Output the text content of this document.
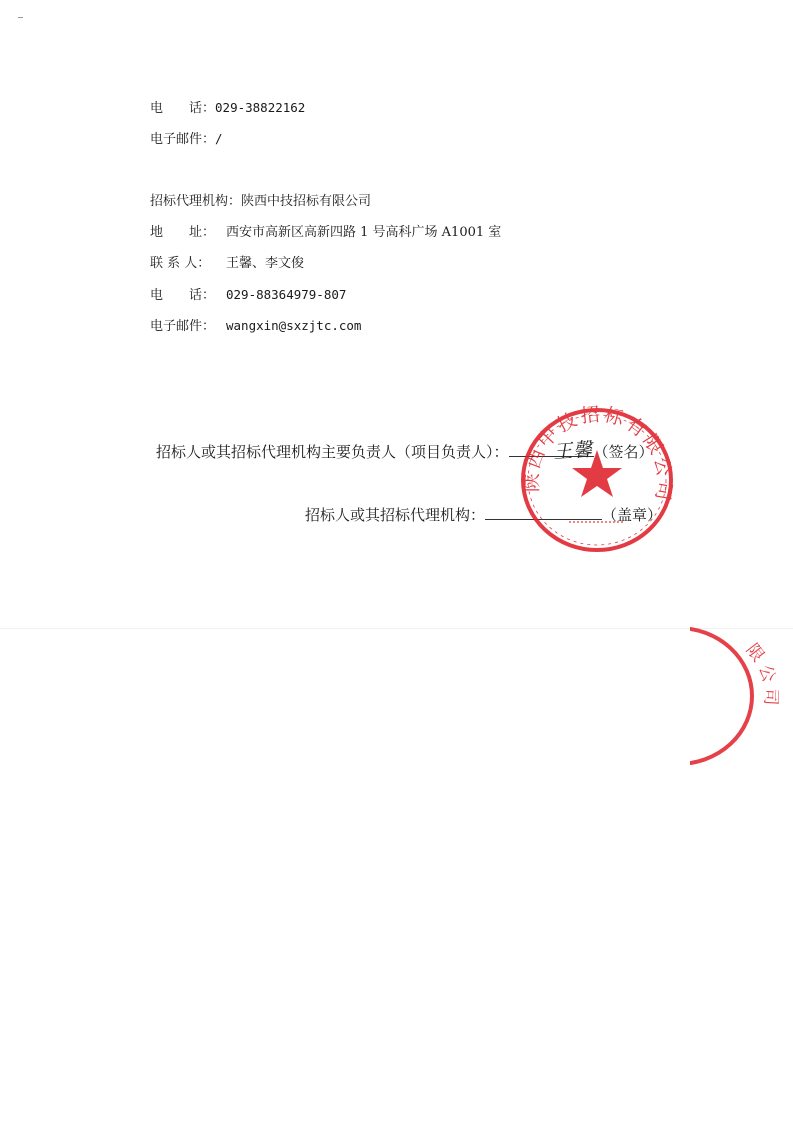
电　　话：029-38822162
电子邮件：/
招标代理机构：陕西中技招标有限公司
地　　址： 西安市高新区高新四路 1 号高科广场 A1001 室
联 系 人： 王馨、李文俊
电　　话： 029-88364979-807
电子邮件： wangxin@sxzjtc.com
招标人或其招标代理机构主要负责人（项目负责人）：	（签名）
招标人或其招标代理机构：	（盖章）
王馨
陕西中技招标有限公司
限公司
